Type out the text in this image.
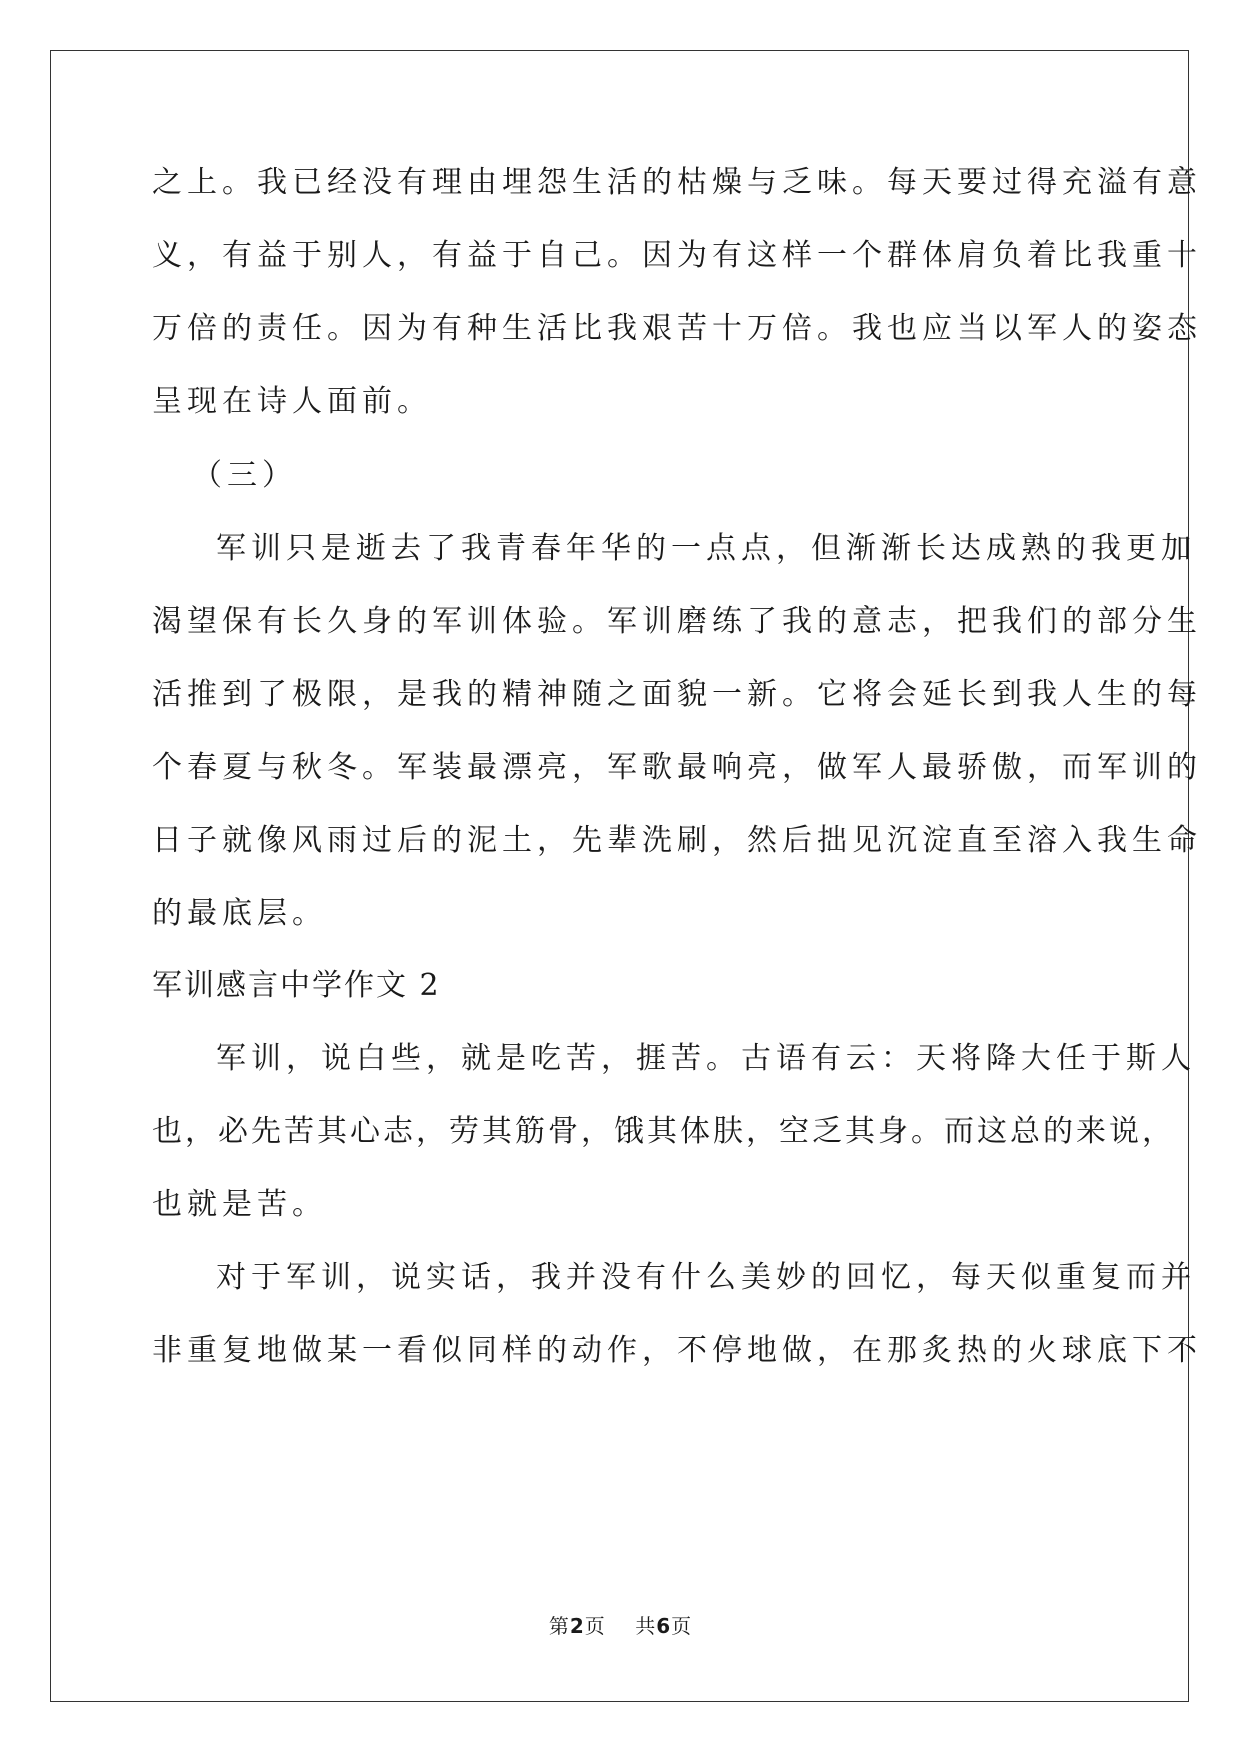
之上。我已经没有理由埋怨生活的枯燥与乏味。每天要过得充溢有意
义，有益于别人，有益于自己。因为有这样一个群体肩负着比我重十
万倍的责任。因为有种生活比我艰苦十万倍。我也应当以军人的姿态
呈现在诗人面前。
（三）
军训只是逝去了我青春年华的一点点，但渐渐长达成熟的我更加
渴望保有长久身的军训体验。军训磨练了我的意志，把我们的部分生
活推到了极限，是我的精神随之面貌一新。它将会延长到我人生的每
个春夏与秋冬。军装最漂亮，军歌最响亮，做军人最骄傲，而军训的
日子就像风雨过后的泥土，先辈洗刷，然后拙见沉淀直至溶入我生命
的最底层。
军训感言中学作文 2
军训，说白些，就是吃苦，捱苦。古语有云：天将降大任于斯人
也，必先苦其心志，劳其筋骨，饿其体肤，空乏其身。而这总的来说，
也就是苦。
对于军训，说实话，我并没有什么美妙的回忆，每天似重复而并
非重复地做某一看似同样的动作，不停地做，在那炙热的火球底下不
第2页 共6页
